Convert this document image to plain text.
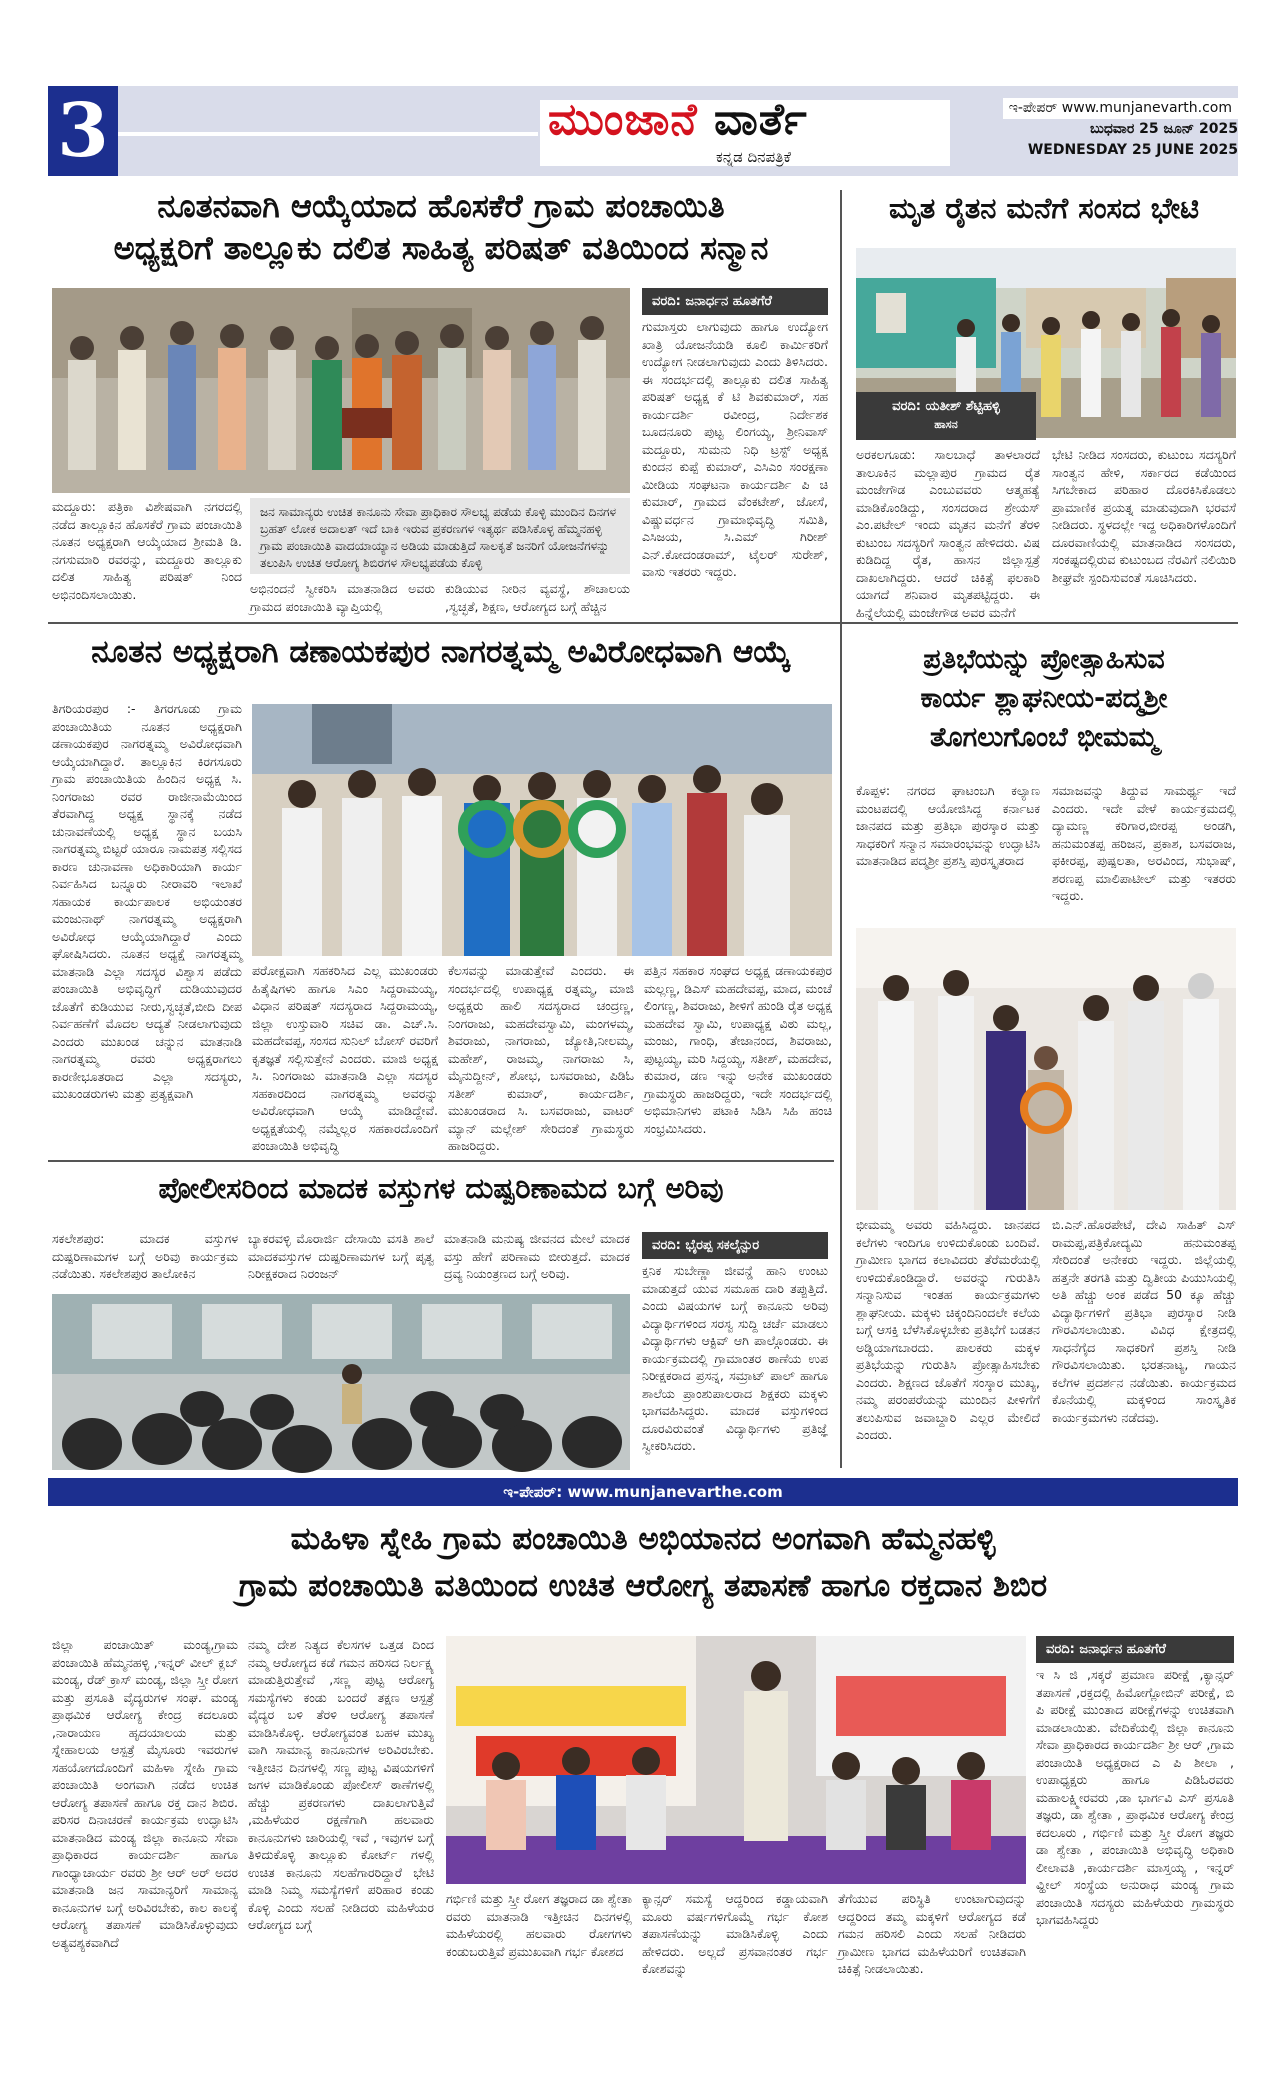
3	ಮುಂಜಾನೆ ವಾರ್ತೆ
ಕನ್ನಡ ದಿನಪತ್ರಿಕೆ
ಇ-ಪೇಪರ್ www.munjanevarth.com
ಬುಧವಾರ 25 ಜೂನ್ 2025
WEDNESDAY 25 JUNE 2025
ನೂತನವಾಗಿ ಆಯ್ಕೆಯಾದ ಹೊಸಕೆರೆ ಗ್ರಾಮ ಪಂಚಾಯಿತಿ
ಅಧ್ಯಕ್ಷರಿಗೆ ತಾಲ್ಲೂಕು ದಲಿತ ಸಾಹಿತ್ಯ ಪರಿಷತ್ ವತಿಯಿಂದ ಸನ್ಮಾನ
ವರದಿ: ಜನಾರ್ಧನ ಹೂತಗೆರೆ
ಗುಮಾಸ್ತರು ಲಾಗುವುದು ಹಾಗೂ ಉದ್ಯೋಗ ಖಾತ್ರಿ ಯೋಜನೆಯಡಿ ಕೂಲಿ ಕಾರ್ಮಿಕರಿಗೆ ಉದ್ಯೋಗ ನೀಡಲಾಗುವುದು ಎಂದು ತಿಳಿಸಿದರು. ಈ ಸಂದರ್ಭದಲ್ಲಿ ತಾಲ್ಲೂಕು ದಲಿತ ಸಾಹಿತ್ಯ ಪರಿಷತ್ ಅಧ್ಯಕ್ಷ ಕೆ ಟಿ ಶಿವಕುಮಾರ್, ಸಹ ಕಾರ್ಯದರ್ಶಿ ರವೀಂದ್ರ, ನಿರ್ದೇಶಕ ಬೂದನೂರು ಪುಟ್ಟ ಲಿಂಗಯ್ಯ, ಶ್ರೀನಿವಾಸ್ ಮದ್ದೂರು, ಸುಮನು ನಿಧಿ ಟ್ರಸ್ಟ್ ಅಧ್ಯಕ್ಷ ಕುಂದನ ಕುಪ್ಪೆ ಕುಮಾರ್, ಎಸಿಎಂ ಸಂರಕ್ಷಣಾ ಮೀಡಿಯ ಸಂಘಟನಾ ಕಾರ್ಯದರ್ಶಿ ಪಿ ಚಿ ಕುಮಾರ್, ಗ್ರಾಮದ ವೆಂಕಟೇಶ್, ಜೋಸೆ, ವಿಷ್ಣುವರ್ಧನ ಗ್ರಾಮಾಭಿವೃದ್ಧಿ ಸಮಿತಿ, ಎಸಿಜಯ, ಸಿ.ಎಮ್ ಗಿರೀಶ್ ಎನ್.ಕೋದಂಡರಾಮ್, ಟೈಲರ್ ಸುರೇಶ್, ವಾಸು ಇತರರು ಇದ್ದರು.
ಮದ್ದೂರು: ಪತ್ರಿಕಾ ವಿಶೇಷವಾಗಿ ನಗರದಲ್ಲಿ ನಡೆದ ತಾಲ್ಲೂಕಿನ ಹೊಸಕೆರೆ ಗ್ರಾಮ ಪಂಚಾಯಿತಿ ನೂತನ ಅಧ್ಯಕ್ಷರಾಗಿ ಆಯ್ಕೆಯಾದ ಶ್ರೀಮತಿ ಡಿ. ನಗಸುಮಾರಿ ರವರನ್ನು, ಮದ್ದೂರು ತಾಲ್ಲೂಕು ದಲಿತ ಸಾಹಿತ್ಯ ಪರಿಷತ್ ನಿಂದ ಅಭಿನಂದಿಸಲಾಯಿತು.
ಜನ ಸಾಮಾನ್ಯರು ಉಚಿತ ಕಾನೂನು ಸೇವಾ ಪ್ರಾಧಿಕಾರ ಸೌಲಭ್ಯ ಪಡೆಯ ಕೊಳ್ಳಿ ಮುಂದಿನ ದಿನಗಳ ಬ್ರಹತ್ ಲೋಕ ಅದಾಲತ್ ಇದೆ ಬಾಕಿ ಇರುವ ಪ್ರಕರಣಗಳ ಇತ್ಯರ್ಥ ಪಡಿಸಿಕೊಳ್ಳ ಹೆಮ್ಮನಹಳ್ಳಿ ಗ್ರಾಮ ಪಂಚಾಯಿತಿ ವಾದಯಾಯ್ಯಾನ ಅಡಿಯ ಮಾಡುತ್ತಿದೆ ಸಾಲಕೃತೆ ಜನರಿಗೆ ಯೋಜನೆಗಳನ್ನು ತಲುಪಿಸಿ ಉಚಿತ ಆರೋಗ್ಯ ಶಿಬಿರಗಳ ಸೌಲಭ್ಯಪಡೆಯ ಕೊಳ್ಳಿ
ಅಭಿನಂದನೆ ಸ್ವೀಕರಿಸಿ ಮಾತನಾಡಿದ ಅವರು ಗ್ರಾಮದ ಪಂಚಾಯಿತಿ ವ್ಯಾಪ್ತಿಯಲ್ಲಿ
ಕುಡಿಯುವ ನೀರಿನ ವ್ಯವಸ್ಥೆ, ಶೌಚಾಲಯ ,ಸ್ವಚ್ಛತೆ, ಶಿಕ್ಷಣ, ಆರೋಗ್ಯದ ಬಗ್ಗೆ ಹೆಚ್ಚಿನ
ಮೃತ ರೈತನ ಮನೆಗೆ ಸಂಸದ ಭೇಟಿ
ವರದಿ: ಯತೀಶ್ ಶೆಟ್ಟಿಹಳ್ಳಿ
ಹಾಸನ
ಅರಕಲಗೂಡು: ಸಾಲಬಾಧೆ ತಾಳಲಾರದೆ ತಾಲೂಕಿನ ಮಲ್ಲಾಪುರ ಗ್ರಾಮದ ರೈತ ಮಂಜೇಗೌಡ ಎಂಬುವವರು ಆತ್ಮಹತ್ಯೆ ಮಾಡಿಕೊಂಡಿದ್ದು, ಸಂಸದರಾದ ಶ್ರೇಯಸ್ ಎಂ.ಪಟೇಲ್ ಇಂದು ಮೃತನ ಮನೆಗೆ ತೆರಳಿ ಕುಟುಂಬ ಸದಸ್ಯರಿಗೆ ಸಾಂತ್ವನ ಹೇಳಿದರು. ವಿಷ ಕುಡಿದಿದ್ದ ರೈತ, ಹಾಸನ ಜಿಲ್ಲಾಸ್ಪತ್ರೆ ದಾಖಲಾಗಿದ್ದರು. ಆದರೆ ಚಿಕಿತ್ಸೆ ಫಲಕಾರಿ ಯಾಗದೆ ಶನಿವಾರ ಮೃತಪಟ್ಟಿದ್ದರು. ಈ ಹಿನ್ನೆಲೆಯಲ್ಲಿ ಮಂಜೇಗೌಡ ಅವರ ಮನೆಗೆ
ಭೇಟಿ ನೀಡಿದ ಸಂಸದರು, ಕುಟುಂಬ ಸದಸ್ಯರಿಗೆ ಸಾಂತ್ವನ ಹೇಳಿ, ಸರ್ಕಾರದ ಕಡೆಯಿಂದ ಸಿಗಬೇಕಾದ ಪರಿಹಾರ ದೊರಕಿಸಿಕೊಡಲು ಪ್ರಾಮಾಣಿಕ ಪ್ರಯತ್ನ ಮಾಡುವುದಾಗಿ ಭರವಸೆ ನೀಡಿದರು. ಸ್ಥಳದಲ್ಲೇ ಇದ್ದ ಅಧಿಕಾರಿಗಳೊಂದಿಗೆ ದೂರವಾಣಿಯಲ್ಲಿ ಮಾತನಾಡಿದ ಸಂಸದರು, ಸಂಕಷ್ಟದಲ್ಲಿರುವ ಕುಟುಂಬದ ನೆರವಿಗೆ ನಲಿಯಿರಿ ಶೀಘ್ರವೇ ಸ್ಪಂದಿಸುವಂತೆ ಸೂಚಿಸಿದರು.
ನೂತನ ಅಧ್ಯಕ್ಷರಾಗಿ ಡಣಾಯಕಪುರ ನಾಗರತ್ನಮ್ಮ ಅವಿರೋಧವಾಗಿ ಆಯ್ಕೆ
ತಿಗರಿಯರಪುರ :- ತಿಗರಗೂಡು ಗ್ರಾಮ ಪಂಚಾಯಿತಿಯ ನೂತನ ಅಧ್ಯಕ್ಷರಾಗಿ ಡಣಾಯಕಪುರ ನಾಗರತ್ನಮ್ಮ ಅವಿರೋಧವಾಗಿ ಆಯ್ಕೆಯಾಗಿದ್ದಾರೆ. ತಾಲ್ಲೂಕಿನ ಕಿರಗಸೂರು ಗ್ರಾಮ ಪಂಚಾಯಿತಿಯ ಹಿಂದಿನ ಅಧ್ಯಕ್ಷ ಸಿ. ನಿಂಗರಾಜು ರವರ ರಾಜೀನಾಮೆಯಿಂದ ತೆರವಾಗಿದ್ದ ಅಧ್ಯಕ್ಷ ಸ್ಥಾನಕ್ಕೆ ನಡೆದ ಚುನಾವಣೆಯಲ್ಲಿ ಅಧ್ಯಕ್ಷ ಸ್ಥಾನ ಬಯಸಿ ನಾಗರತ್ನಮ್ಮ ಬಿಟ್ಟರೆ ಯಾರೂ ನಾಮಪತ್ರ ಸಲ್ಲಿಸದ ಕಾರಣ ಚುನಾವಣಾ ಅಧಿಕಾರಿಯಾಗಿ ಕಾರ್ಯ ನಿರ್ವಹಿಸಿದ ಬನ್ನೂರು ನೀರಾವರಿ ಇಲಾಖೆ ಸಹಾಯಕ ಕಾರ್ಯಪಾಲಕ ಅಭಿಯಂತರ ಮಂಜುನಾಥ್ ನಾಗರತ್ನಮ್ಮ ಅಧ್ಯಕ್ಷರಾಗಿ ಅವಿರೋಧ ಆಯ್ಕೆಯಾಗಿದ್ದಾರೆ ಎಂದು ಘೋಷಿಸಿದರು. ನೂತನ ಅಧ್ಯಕ್ಷೆ ನಾಗರತ್ನಮ್ಮ ಮಾತನಾಡಿ ಎಲ್ಲಾ ಸದಸ್ಯರ ವಿಶ್ವಾಸ ಪಡೆದು ಪಂಚಾಯಿತಿ ಅಭಿವೃದ್ಧಿಗೆ ದುಡಿಯುವುದರ ಜೊತೆಗೆ ಕುಡಿಯುವ ನೀರು,ಸ್ವಚ್ಛತೆ,ಬೀದಿ ದೀಪ ನಿರ್ವಹಣೆಗೆ ಮೊದಲ ಆದ್ಯತೆ ನೀಡಲಾಗುವುದು ಎಂದರು ಮುಖಂಡ ಚನ್ನುನ ಮಾತನಾಡಿ ನಾಗರತ್ನಮ್ಮ ರವರು ಅಧ್ಯಕ್ಷರಾಗಲು ಕಾರಣೀಭೂತರಾದ ಎಲ್ಲಾ ಸದಸ್ಯರು, ಮುಖಂಡರುಗಳು ಮತ್ತು ಪ್ರತ್ಯಕ್ಷವಾಗಿ
ಪರೋಕ್ಷವಾಗಿ ಸಹಕರಿಸಿದ ಎಲ್ಲ ಮುಖಂಡರು ಹಿತೈಷಿಗಳು ಹಾಗೂ ಸಿಎಂ ಸಿದ್ದರಾಮಯ್ಯ, ವಿಧಾನ ಪರಿಷತ್ ಸದಸ್ಯರಾದ ಸಿದ್ದರಾಮಯ್ಯ, ಜಿಲ್ಲಾ ಉಸ್ತುವಾರಿ ಸಚಿವ ಡಾ. ಎಚ್.ಸಿ. ಮಹದೇವಪ್ಪ, ಸಂಸದ ಸುನಿಲ್ ಬೋಸ್ ರವರಿಗೆ ಕೃತಜ್ಞತೆ ಸಲ್ಲಿಸುತ್ತೇನೆ ಎಂದರು. ಮಾಜಿ ಅಧ್ಯಕ್ಷ ಸಿ. ನಿಂಗರಾಜು ಮಾತನಾಡಿ ಎಲ್ಲಾ ಸದಸ್ಯರ ಸಹಕಾರದಿಂದ ನಾಗರತ್ನಮ್ಮ ಅವರನ್ನು ಅವಿರೋಧವಾಗಿ ಆಯ್ಕೆ ಮಾಡಿದ್ದೇವೆ. ಅಧ್ಯಕ್ಷತೆಯಲ್ಲಿ ನಮ್ಮೆಲ್ಲರ ಸಹಕಾರದೊಂದಿಗೆ ಪಂಚಾಯಿತಿ ಅಭಿವೃದ್ಧಿ
ಕೆಲಸವನ್ನು ಮಾಡುತ್ತೇವೆ ಎಂದರು. ಈ ಸಂದರ್ಭದಲ್ಲಿ ಉಪಾಧ್ಯಕ್ಷ ರತ್ನಮ್ಮ, ಮಾಜಿ ಅಧ್ಯಕ್ಷರು ಹಾಲಿ ಸದಸ್ಯರಾದ ಚಂದ್ರಣ್ಣ, ನಿಂಗರಾಜು, ಮಹದೇವಸ್ವಾಮಿ, ಮಂಗಳಮ್ಮ, ಶಿವರಾಜು, ನಾಗರಾಜು, ಜ್ಯೋತಿ,ನೀಲಮ್ಮ, ಮಹೇಶ್, ರಾಜಮ್ಮ, ನಾಗರಾಜು ಸಿ, ಮೈನುದ್ದೀನ್, ಶೋಭ, ಬಸವರಾಜು, ಪಿಡಿಓ ಸತೀಶ್ ಕುಮಾರ್, ಕಾರ್ಯದರ್ಶಿ, ಮುಖಂಡರಾದ ಸಿ. ಬಸವರಾಜು, ವಾಟರ್ ಮ್ಯಾನ್ ಮಲ್ಲೇಶ್ ಸೇರಿದಂತೆ ಗ್ರಾಮಸ್ಥರು ಹಾಜರಿದ್ದರು.
ಪತ್ತಿನ ಸಹಕಾರ ಸಂಘದ ಅಧ್ಯಕ್ಷ ಡಣಾಯಕಪುರ ಮಲ್ಲಣ್ಣ, ಡಿಎಸ್ ಮಹದೇವಪ್ಪ, ಮಾದ, ಮಂಚೆ ಲಿಂಗಣ್ಣ, ಶಿವರಾಜು, ಶೀಳಿಗೆ ಹುಂಡಿ ರೈತ ಅಧ್ಯಕ್ಷ ಮಹದೇವ ಸ್ವಾಮಿ, ಉಪಾಧ್ಯಕ್ಷ ವಿಠು ಮಲ್ಲ, ಮಂಜು, ಗಾಂಧಿ, ತೇಜಾನಂದ, ಶಿವರಾಜು, ಪುಟ್ಟಯ್ಯ, ಮರಿ ಸಿದ್ದಯ್ಯ, ಸತೀಶ್, ಮಹದೇವ, ಕುಮಾರ, ಡಣ ಇನ್ನು ಅನೇಕ ಮುಖಂಡರು ಗ್ರಾಮಸ್ಥರು ಹಾಜರಿದ್ದರು, ಇದೇ ಸಂದರ್ಭದಲ್ಲಿ ಅಭಿಮಾನಿಗಳು ಪಟಾಕಿ ಸಿಡಿಸಿ ಸಿಹಿ ಹಂಚಿ ಸಂಭ್ರಮಿಸಿದರು.
ಪ್ರತಿಭೆಯನ್ನು ಪ್ರೋತ್ಸಾಹಿಸುವ
ಕಾರ್ಯ ಶ್ಲಾಘನೀಯ-ಪದ್ಮಶ್ರೀ
ತೊಗಲುಗೊಂಬೆ ಭೀಮಮ್ಮ
ಕೊಪ್ಪಳ: ನಗರದ ಘಾಟಂಬಗಿ ಕಲ್ಯಾಣ ಮಂಟಪದಲ್ಲಿ ಆಯೋಜಿಸಿದ್ದ ಕರ್ನಾಟಕ ಜಾನಪದ ಮತ್ತು ಪ್ರತಿಭಾ ಪುರಸ್ಕಾರ ಮತ್ತು ಸಾಧಕರಿಗೆ ಸನ್ಮಾನ ಸಮಾರಂಭವನ್ನು ಉದ್ಘಾಟಿಸಿ ಮಾತನಾಡಿದ ಪದ್ಮಶ್ರೀ ಪ್ರಶಸ್ತಿ ಪುರಸ್ಕೃತರಾದ
ಸಮಾಜವನ್ನು ತಿದ್ದುವ ಸಾಮರ್ಥ್ಯ ಇದೆ ಎಂದರು. ಇದೇ ವೇಳೆ ಕಾರ್ಯಕ್ರಮದಲ್ಲಿ ದ್ಯಾಮಣ್ಣ ಕರಿಗಾರ,ಬೀರಪ್ಪ ಅಂಡಗಿ, ಹನುಮಂತಪ್ಪ ಹರಿಜನ, ಪ್ರಕಾಶ, ಬಸವರಾಜ, ಫಕೀರಪ್ಪ, ಪುಷ್ಪಲತಾ, ಅರವಿಂದ, ಸುಭಾಷ್, ಶರಣಪ್ಪ ಮಾಲಿಪಾಟೀಲ್ ಮತ್ತು ಇತರರು ಇದ್ದರು.
ಪೋಲೀಸರಿಂದ ಮಾದಕ ವಸ್ತುಗಳ ದುಷ್ಪರಿಣಾಮದ ಬಗ್ಗೆ ಅರಿವು
ಸಕಲೇಶಪುರ: ಮಾದಕ ವಸ್ತುಗಳ ದುಷ್ಪರಿಣಾಮಗಳ ಬಗ್ಗೆ ಅರಿವು ಕಾರ್ಯಕ್ರಮ ನಡೆಯಿತು. ಸಕಲೇಶಪುರ ತಾಲೋಕಿನ
ಬ್ಯಾಕರವಳ್ಳಿ ಮೊರಾರ್ಜಿ ದೇಸಾಯಿ ವಸತಿ ಶಾಲೆ ಮಾದಕವಸ್ತುಗಳ ದುಷ್ಪರಿಣಾಮಗಳ ಬಗ್ಗೆ ಪೃತ್ವ ನಿರೀಕ್ಷಕರಾದ ನಿರಂಜನ್
ಮಾತನಾಡಿ ಮನುಷ್ಯ ಜೀವನದ ಮೇಲೆ ಮಾದಕ ವಸ್ತು ಹೇಗೆ ಪರಿಣಾಮ ಬೀರುತ್ತದೆ. ಮಾದಕ ದ್ರವ್ಯ ನಿಯಂತ್ರಣದ ಬಗ್ಗೆ ಅರಿವು.
ವರದಿ: ಭೈರಪ್ಪ ಸಕಲೈನ್ಪುರ
ಕ್ತನಿಕ ಸುಬೇಣ್ಣಾ ಜೀವನ್ಡೆ ಹಾನಿ ಉಂಟು ಮಾಡುತ್ತದೆ ಯುವ ಸಮೂಹ ದಾರಿ ತಪ್ಪುತ್ತಿದೆ. ಎಂದು ವಿಷಯಗಳ ಬಗ್ಗೆ ಕಾನೂನು ಅರಿವು ವಿದ್ಯಾರ್ಥಿಗಳಿಂದ ಸರಸ್ವ ಸುದ್ದಿ ಚರ್ಚೆ ಮಾಡಲು ವಿದ್ಯಾರ್ಥಿಗಳು ಆಕ್ಟಿವ್ ಆಗಿ ಪಾಲ್ಗೊಂಡರು. ಈ ಕಾರ್ಯಕ್ರಮದಲ್ಲಿ ಗ್ರಾಮಾಂತರ ಠಾಣೆಯ ಉಪ ನಿರೀಕ್ಷಕರಾದ ಪ್ರಸನ್ನ, ಸಮ್ರಾಟ್ ಪಾಲ್ ಹಾಗೂ ಶಾಲೆಯ ಪ್ರಾಂಶುಪಾಲರಾದ ಶಿಕ್ಷಕರು ಮಕ್ಕಳು ಭಾಗವಹಿಸಿದ್ದರು. ಮಾದಕ ವಸ್ತುಗಳಿಂದ ದೂರವಿರುವಂತೆ ವಿದ್ಯಾರ್ಥಿಗಳು ಪ್ರತಿಜ್ಞೆ ಸ್ವೀಕರಿಸಿದರು.
ಭೀಮಮ್ಮ ಅವರು ವಹಿಸಿದ್ದರು. ಜಾನಪದ ಕಲೆಗಳು ಇಂದಿಗೂ ಉಳಿದುಕೊಂಡು ಬಂದಿವೆ. ಗ್ರಾಮೀಣ ಭಾಗದ ಕಲಾವಿದರು ತೆರೆಮರೆಯಲ್ಲಿ ಉಳಿದುಕೊಂಡಿದ್ದಾರೆ. ಅವರನ್ನು ಗುರುತಿಸಿ ಸನ್ಮಾನಿಸುವ ಇಂತಹ ಕಾರ್ಯಕ್ರಮಗಳು ಶ್ಲಾಘನೀಯ. ಮಕ್ಕಳು ಚಿಕ್ಕಂದಿನಿಂದಲೇ ಕಲೆಯ ಬಗ್ಗೆ ಆಸಕ್ತಿ ಬೆಳೆಸಿಕೊಳ್ಳಬೇಕು ಪ್ರತಿಭೆಗೆ ಬಡತನ ಅಡ್ಡಿಯಾಗಬಾರದು. ಪಾಲಕರು ಮಕ್ಕಳ ಪ್ರತಿಭೆಯನ್ನು ಗುರುತಿಸಿ ಪ್ರೋತ್ಸಾಹಿಸಬೇಕು ಎಂದರು. ಶಿಕ್ಷಣದ ಜೊತೆಗೆ ಸಂಸ್ಕಾರ ಮುಖ್ಯ, ನಮ್ಮ ಪರಂಪರೆಯನ್ನು ಮುಂದಿನ ಪೀಳಿಗೆಗೆ ತಲುಪಿಸುವ ಜವಾಬ್ದಾರಿ ಎಲ್ಲರ ಮೇಲಿದೆ ಎಂದರು.
ಬಿ.ಎನ್.ಹೊರಪೇಟೆ, ದೇವಿ ಸಾಹಿತ್ ಎಸ್ ರಾಮಪ್ಪ,ಪತ್ರಿಕೋದ್ಯಮಿ ಹನುಮಂತಪ್ಪ ಸೇರಿದಂತೆ ಅನೇಕರು ಇದ್ದರು. ಜಿಲ್ಲೆಯಲ್ಲಿ ಹತ್ತನೇ ತರಗತಿ ಮತ್ತು ದ್ವಿತೀಯ ಪಿಯುಸಿಯಲ್ಲಿ ಅತಿ ಹೆಚ್ಚು ಅಂಕ ಪಡೆದ 50 ಕ್ಕೂ ಹೆಚ್ಚು ವಿದ್ಯಾರ್ಥಿಗಳಿಗೆ ಪ್ರತಿಭಾ ಪುರಸ್ಕಾರ ನೀಡಿ ಗೌರವಿಸಲಾಯಿತು. ವಿವಿಧ ಕ್ಷೇತ್ರದಲ್ಲಿ ಸಾಧನೆಗೈದ ಸಾಧಕರಿಗೆ ಪ್ರಶಸ್ತಿ ನೀಡಿ ಗೌರವಿಸಲಾಯಿತು. ಭರತನಾಟ್ಯ, ಗಾಯನ ಕಲೆಗಳ ಪ್ರದರ್ಶನ ನಡೆಯಿತು. ಕಾರ್ಯಕ್ರಮದ ಕೊನೆಯಲ್ಲಿ ಮಕ್ಕಳಿಂದ ಸಾಂಸ್ಕೃತಿಕ ಕಾರ್ಯಕ್ರಮಗಳು ನಡೆದವು.
ಇ-ಪೇಪರ್: www.munjanevarthe.com
ಮಹಿಳಾ ಸ್ನೇಹಿ ಗ್ರಾಮ ಪಂಚಾಯಿತಿ ಅಭಿಯಾನದ ಅಂಗವಾಗಿ ಹೆಮ್ಮನಹಳ್ಳಿ
ಗ್ರಾಮ ಪಂಚಾಯಿತಿ ವತಿಯಿಂದ ಉಚಿತ ಆರೋಗ್ಯ ತಪಾಸಣೆ ಹಾಗೂ ರಕ್ತದಾನ ಶಿಬಿರ
ಜಿಲ್ಲಾ ಪಂಚಾಯಿತ್ ಮಂಡ್ಯ,ಗ್ರಾಮ ಪಂಚಾಯಿತಿ ಹೆಮ್ಮನಹಳ್ಳಿ ,ಇನ್ನರ್ ವೀಲ್ ಕ್ಲಬ್ ಮಂಡ್ಯ, ರೆಡ್ ಕ್ರಾಸ್ ಮಂಡ್ಯ, ಜಿಲ್ಲಾ ಸ್ತ್ರೀ ರೋಗ ಮತ್ತು ಪ್ರಸೂತಿ ವೈದ್ಯರುಗಳ ಸಂಘ. ಮಂಡ್ಯ ಪ್ರಾಥಮಿಕ ಆರೋಗ್ಯ ಕೇಂದ್ರ ಕದಲೂರು ,ನಾರಾಯಣ ಹೃದಯಾಲಯ ಮತ್ತು ಸ್ನೇಹಾಲಯ ಆಸ್ಪತ್ರೆ ಮೈಸೂರು ಇವರುಗಳ ಸಹಯೋಗದೊಂದಿಗೆ ಮಹಿಳಾ ಸ್ನೇಹಿ ಗ್ರಾಮ ಪಂಚಾಯಿತಿ ಅಂಗವಾಗಿ ನಡೆದ ಉಚಿತ ಆರೋಗ್ಯ ತಪಾಸಣೆ ಹಾಗೂ ರಕ್ತ ದಾನ ಶಿಬಿರ. ಪರಿಸರ ದಿನಾಚರಣೆ ಕಾರ್ಯಕ್ರಮ ಉದ್ಘಾಟಿಸಿ ಮಾತನಾಡಿದ ಮಂಡ್ಯ ಜಿಲ್ಲಾ ಕಾನೂನು ಸೇವಾ ಪ್ರಾಧಿಕಾರದ ಕಾರ್ಯದರ್ಶಿ ಹಾಗೂ ಗಾಂಧ್ಯಾಚಾರ್ಯ ರವರು ಶ್ರೀ ಆರ್ ಅರ್ ಅದರ ಮಾತನಾಡಿ ಜನ ಸಾಮಾನ್ಯರಿಗೆ ಸಾಮಾನ್ಯ ಕಾನೂನುಗಳ ಬಗ್ಗೆ ಅರಿವಿರಬೇಕು, ಕಾಲ ಕಾಲಕ್ಕೆ ಆರೋಗ್ಯ ತಪಾಸಣೆ ಮಾಡಿಸಿಕೊಳ್ಳುವುದು ಅತ್ಯವಶ್ಯಕವಾಗಿದೆ
ನಮ್ಮ ದೇಶ ನಿತ್ಯದ ಕೆಲಸಗಳ ಒತ್ತಡ ದಿಂದ ನಮ್ಮ ಆರೋಗ್ಯದ ಕಡೆ ಗಮನ ಹರಿಸದ ನಿರ್ಲಕ್ಷ್ಯ ಮಾಡುತ್ತಿರುತ್ತೇವೆ ,ಸಣ್ಣ ಪುಟ್ಟ ಆರೋಗ್ಯ ಸಮಸ್ಯೆಗಳು ಕಂಡು ಬಂದರೆ ತಕ್ಷಣ ಆಸ್ಪತ್ರೆ ವೈದ್ಯರ ಬಳಿ ತೆರಳಿ ಆರೋಗ್ಯ ತಪಾಸಣೆ ಮಾಡಿಸಿಕೊಳ್ಳಿ. ಆರೋಗ್ಯವಂತ ಬಹಳ ಮುಖ್ಯ ವಾಗಿ ಸಾಮಾನ್ಯ ಕಾನೂನುಗಳ ಅರಿವಿರಬೇಕು. ಇತ್ತೀಚಿನ ದಿನಗಳಲ್ಲಿ ಸಣ್ಣ ಪುಟ್ಟ ವಿಷಯಗಳಿಗೆ ಜಗಳ ಮಾಡಿಕೊಂಡು ಪೋಲೀಸ್ ಠಾಣೆಗಳಲ್ಲಿ ಹೆಚ್ಚು ಪ್ರಕರಣಗಳು ದಾಖಲಾಗುತ್ತಿವೆ ,ಮಹಿಳೆಯರ ರಕ್ಷಣೆಗಾಗಿ ಹಲವಾರು ಕಾನೂನುಗಳು ಜಾರಿಯಲ್ಲಿ ಇವೆ , ಇವುಗಳ ಬಗ್ಗೆ ತಿಳಿದುಕೊಳ್ಳಿ ತಾಲ್ಲೂಕು ಕೋರ್ಟ್ ಗಳಲ್ಲಿ ಉಚಿತ ಕಾನೂನು ಸಲಹೆಗಾರರಿದ್ದಾರೆ ಭೇಟಿ ಮಾಡಿ ನಿಮ್ಮ ಸಮಸ್ಯೆಗಳಿಗೆ ಪರಿಹಾರ ಕಂಡು ಕೊಳ್ಳಿ ಎಂದು ಸಲಹೆ ನೀಡಿದರು ಮಹಿಳೆಯರ ಆರೋಗ್ಯದ ಬಗ್ಗೆ
ಗರ್ಭಿಣಿ ಮತ್ತು ಸ್ತ್ರೀ ರೋಗ ತಜ್ಞರಾದ ಡಾ ಶ್ವೇತಾ ರವರು ಮಾತನಾಡಿ ಇತ್ತೀಚಿನ ದಿನಗಳಲ್ಲಿ ಮಹಿಳೆಯರಲ್ಲಿ ಹಲವಾರು ರೋಗಗಳು ಕಂಡುಬರುತ್ತಿವೆ ಪ್ರಮುಖವಾಗಿ ಗರ್ಭ ಕೋಶದ
ಕ್ಯಾನ್ಸರ್ ಸಮಸ್ಯೆ ಆದ್ದರಿಂದ ಕಡ್ಡಾಯವಾಗಿ ಮೂರು ವರ್ಷಗಳಿಗೊಮ್ಮೆ ಗರ್ಭ ಕೋಶ ತಪಾಸಣೆಯನ್ನು ಮಾಡಿಸಿಕೊಳ್ಳಿ ಎಂದು ಹೇಳಿದರು. ಅಲ್ಲದೆ ಪ್ರಸವಾನಂತರ ಗರ್ಭ ಕೋಶವನ್ನು
ತೆಗೆಯುವ ಪರಿಸ್ಥಿತಿ ಉಂಟಾಗುವುದನ್ನು ಆದ್ದರಿಂದ ತಮ್ಮ ಮಕ್ಕಳಿಗೆ ಆರೋಗ್ಯದ ಕಡೆ ಗಮನ ಹರಿಸಲಿ ಎಂದು ಸಲಹೆ ನೀಡಿದರು ಗ್ರಾಮೀಣ ಭಾಗದ ಮಹಿಳೆಯರಿಗೆ ಉಚಿತವಾಗಿ ಚಿಕಿತ್ಸೆ ನೀಡಲಾಯಿತು.
ವರದಿ: ಜನಾರ್ಧನ ಹೂತಗೆರೆ
ಇ ಸಿ ಜಿ ,ಸಕ್ಕರೆ ಪ್ರಮಾಣ ಪರೀಕ್ಷೆ ,ಕ್ಯಾನ್ಸರ್ ತಪಾಸಣೆ ,ರಕ್ತದಲ್ಲಿ ಹಿಮೋಗ್ಲೋಬಿನ್ ಪರೀಕ್ಷೆ, ಬಿ ಪಿ ಪರೀಕ್ಷೆ ಮುಂತಾದ ಪರೀಕ್ಷೆಗಳನ್ನು ಉಚಿತವಾಗಿ ಮಾಡಲಾಯಿತು. ವೇದಿಕೆಯಲ್ಲಿ ಜಿಲ್ಲಾ ಕಾನೂನು ಸೇವಾ ಪ್ರಾಧಿಕಾರದ ಕಾರ್ಯದರ್ಶಿ ಶ್ರೀ ಆರ್ ,ಗ್ರಾಮ ಪಂಚಾಯಿತಿ ಅಧ್ಯಕ್ಷರಾದ ಎ ಪಿ ಶೀಲಾ , ಉಪಾಧ್ಯಕ್ಷರು ಹಾಗೂ ಪಿಡಿಓರವರು ಮಹಾಲಕ್ಷ್ಮೀರವರು ,ಡಾ ಭಾರ್ಗವಿ ಎಸ್ ಪ್ರಸೂತಿ ತಜ್ಞರು, ಡಾ ಶ್ವೇತಾ , ಪ್ರಾಥಮಿಕ ಆರೋಗ್ಯ ಕೇಂದ್ರ ಕದಲೂರು , ಗರ್ಭಿಣಿ ಮತ್ತು ಸ್ತ್ರೀ ರೋಗ ತಜ್ಞರು ಡಾ ಶ್ವೇತಾ , ಪಂಚಾಯಿತಿ ಅಭಿವೃದ್ಧಿ ಅಧಿಕಾರಿ ಲೀಲಾವತಿ ,ಕಾರ್ಯದರ್ಶಿ ಮಾಸ್ತಯ್ಯ , ಇನ್ನರ್ ವ್ಹೀಲ್ ಸಂಸ್ಥೆಯ ಅನುರಾಧ ಮಂಡ್ಯ ಗ್ರಾಮ ಪಂಚಾಯಿತಿ ಸದಸ್ಯರು ಮಹಿಳೆಯರು ಗ್ರಾಮಸ್ಥರು ಭಾಗವಹಿಸಿದ್ದರು
